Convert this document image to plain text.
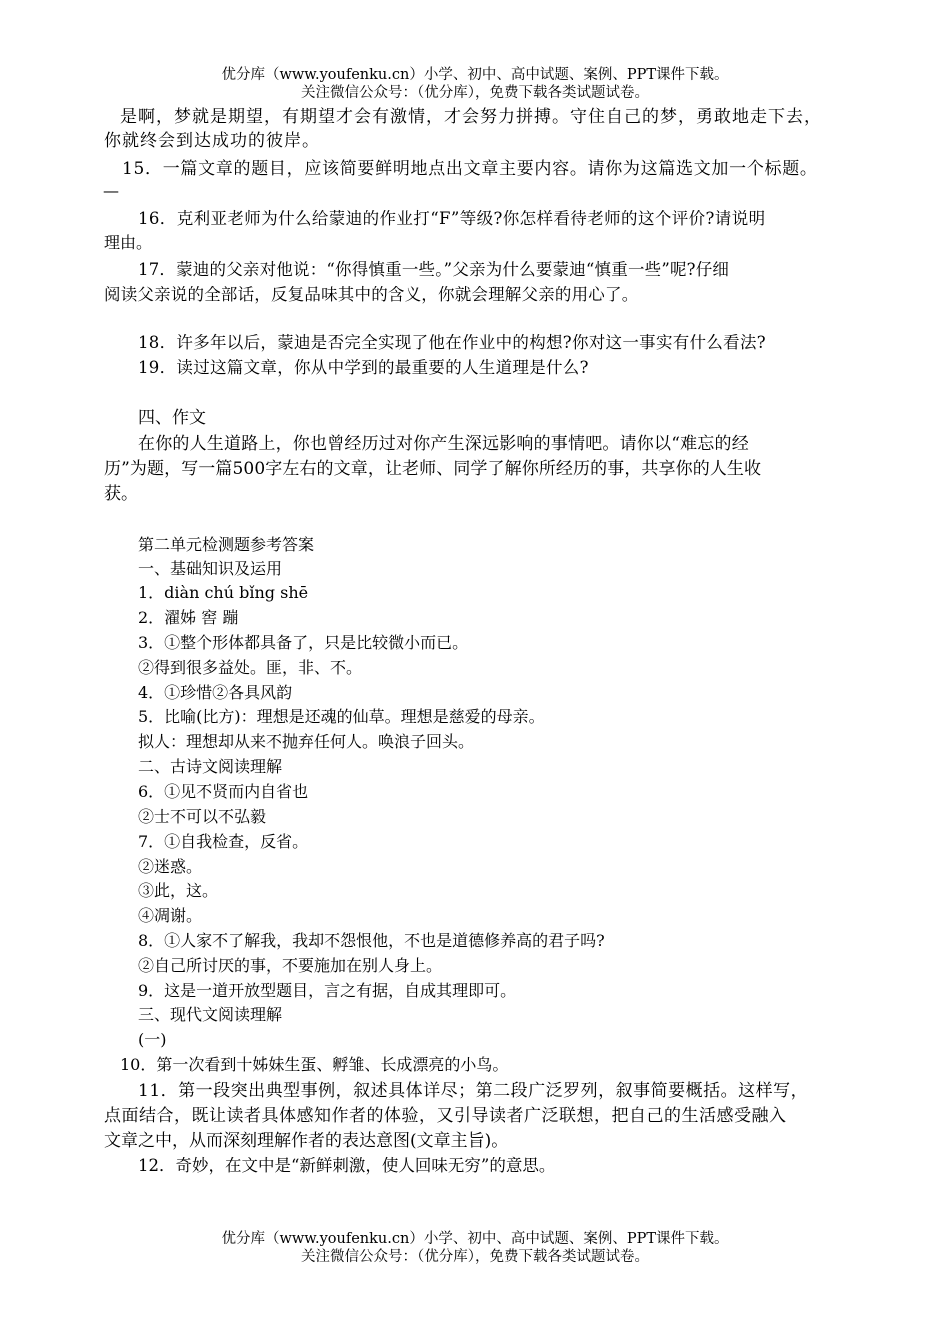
优分库（www.youfenku.cn）小学、初中、高中试题、案例、PPT课件下载。
关注微信公众号：（优分库），免费下载各类试题试卷。
是啊，梦就是期望，有期望才会有激情，才会努力拼搏。守住自己的梦，勇敢地走下去，
你就终会到达成功的彼岸。
15．一篇文章的题目，应该简要鲜明地点出文章主要内容。请你为这篇选文加一个标题。
—
16．克利亚老师为什么给蒙迪的作业打“F”等级?你怎样看待老师的这个评价?请说明
理由。
17．蒙迪的父亲对他说：“你得慎重一些。”父亲为什么要蒙迪“慎重一些”呢?仔细
阅读父亲说的全部话，反复品味其中的含义，你就会理解父亲的用心了。
18．许多年以后，蒙迪是否完全实现了他在作业中的构想?你对这一事实有什么看法?
19．读过这篇文章，你从中学到的最重要的人生道理是什么?
四、作文
在你的人生道路上，你也曾经历过对你产生深远影响的事情吧。请你以“难忘的经
历”为题，写一篇500字左右的文章，让老师、同学了解你所经历的事，共享你的人生收
获。
第二单元检测题参考答案
一、基础知识及运用
1．diàn chú bǐng shē
2．濯姊 窖 蹦
3．①整个形体都具备了，只是比较微小而已。
②得到很多益处。匪，非、不。
4．①珍惜②各具风韵
5．比喻(比方)：理想是还魂的仙草。理想是慈爱的母亲。
拟人：理想却从来不抛弃任何人。唤浪子回头。
二、古诗文阅读理解
6．①见不贤而内自省也
②士不可以不弘毅
7．①自我检查，反省。
②迷惑。
③此，这。
④凋谢。
8．①人家不了解我，我却不怨恨他，不也是道德修养高的君子吗?
②自己所讨厌的事，不要施加在别人身上。
9．这是一道开放型题目，言之有据，自成其理即可。
三、现代文阅读理解
(一)
10．第一次看到十姊妹生蛋、孵雏、长成漂亮的小鸟。
11．第一段突出典型事例，叙述具体详尽；第二段广泛罗列，叙事简要概括。这样写，
点面结合，既让读者具体感知作者的体验，又引导读者广泛联想，把自己的生活感受融入
文章之中，从而深刻理解作者的表达意图(文章主旨)。
12．奇妙，在文中是“新鲜刺激，使人回味无穷”的意思。
优分库（www.youfenku.cn）小学、初中、高中试题、案例、PPT课件下载。
关注微信公众号：（优分库），免费下载各类试题试卷。
